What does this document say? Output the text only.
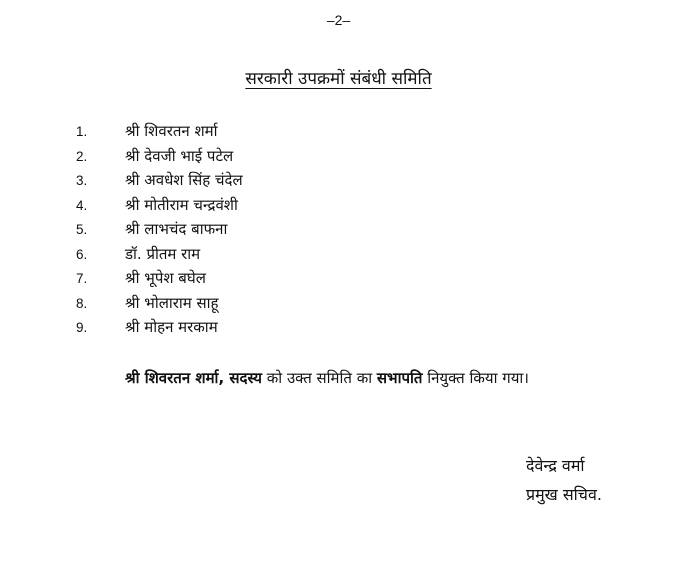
–2–
सरकारी उपक्रमों संबंधी समिति
1.	श्री शिवरतन शर्मा
2.	श्री देवजी भाई पटेल
3.	श्री अवधेश सिंह चंदेल
4.	श्री मोतीराम चन्द्रवंशी
5.	श्री लाभचंद बाफना
6.	डॉ. प्रीतम राम
7.	श्री भूपेश बघेल
8.	श्री भोलाराम साहू
9.	श्री मोहन मरकाम
श्री शिवरतन शर्मा, सदस्य को उक्त समिति का सभापति नियुक्त किया गया।
देवेन्द्र वर्मा
प्रमुख सचिव.
